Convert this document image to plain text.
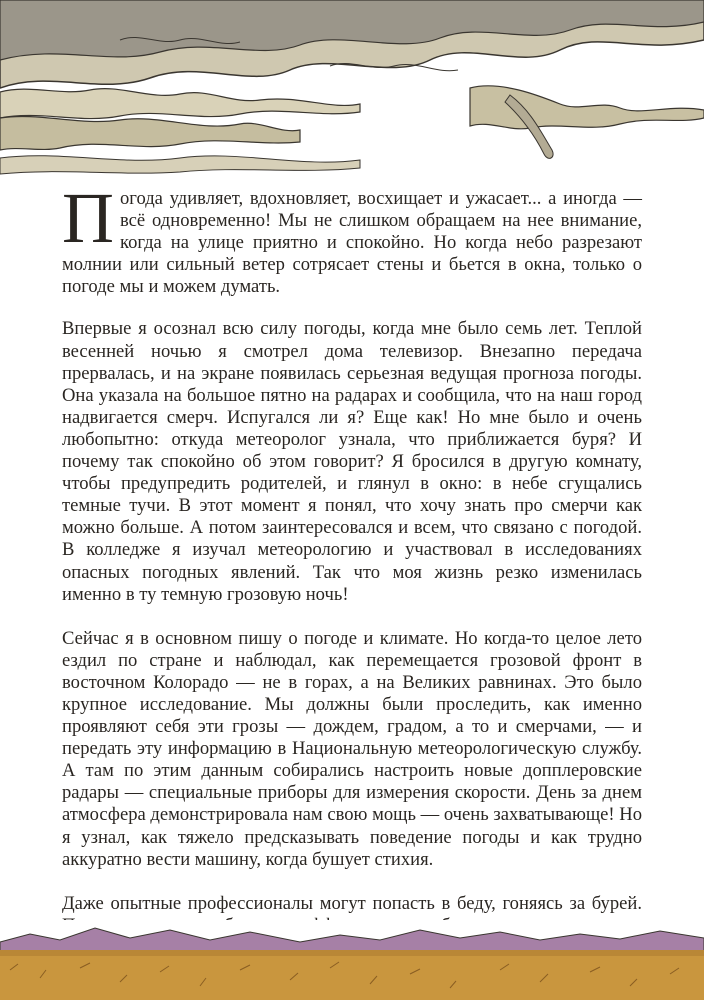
Погода удивляет, вдохновляет, восхищает и ужасает... а иногда — всё одновременно! Мы не слишком обращаем на нее внимание, когда на улице приятно и спокойно. Но когда небо разрезают молнии или сильный ветер сотрясает стены и бьется в окна, только о погоде мы и можем думать.

Впервые я осознал всю силу погоды, когда мне было семь лет. Теплой весенней ночью я смотрел дома телевизор. Внезапно передача прервалась, и на экране появилась серьезная ведущая прогноза погоды. Она указала на большое пятно на радарах и сообщила, что на наш город надвигается смерч. Испугался ли я? Еще как! Но мне было и очень любопытно: откуда метеоролог узнала, что приближается буря? И почему так спокойно об этом говорит? Я бросился в другую комнату, чтобы предупредить родителей, и глянул в окно: в небе сгущались темные тучи. В этот момент я понял, что хочу знать про смерчи как можно больше. А потом заинтересовался и всем, что связано с погодой. В колледже я изучал метеорологию и участвовал в исследованиях опасных погодных явлений. Так что моя жизнь резко изменилась именно в ту темную грозовую ночь!

Сейчас я в основном пишу о погоде и климате. Но когда-то целое лето ездил по стране и наблюдал, как перемещается грозовой фронт в восточном Колорадо — не в горах, а на Великих равнинах. Это было крупное исследование. Мы должны были проследить, как именно проявляют себя эти грозы — дождем, градом, а то и смерчами, — и передать эту информацию в Национальную метеорологическую службу. А там по этим данным собирались настроить новые допплеровские радары — специальные приборы для измерения скорости. День за днем атмосфера демонстрировала нам свою мощь — очень захватывающе! Но я узнал, как тяжело предсказывать поведение погоды и как трудно аккуратно вести машину, когда бушует стихия.

Даже опытные профессионалы могут попасть в беду, гоняясь за бурей.
